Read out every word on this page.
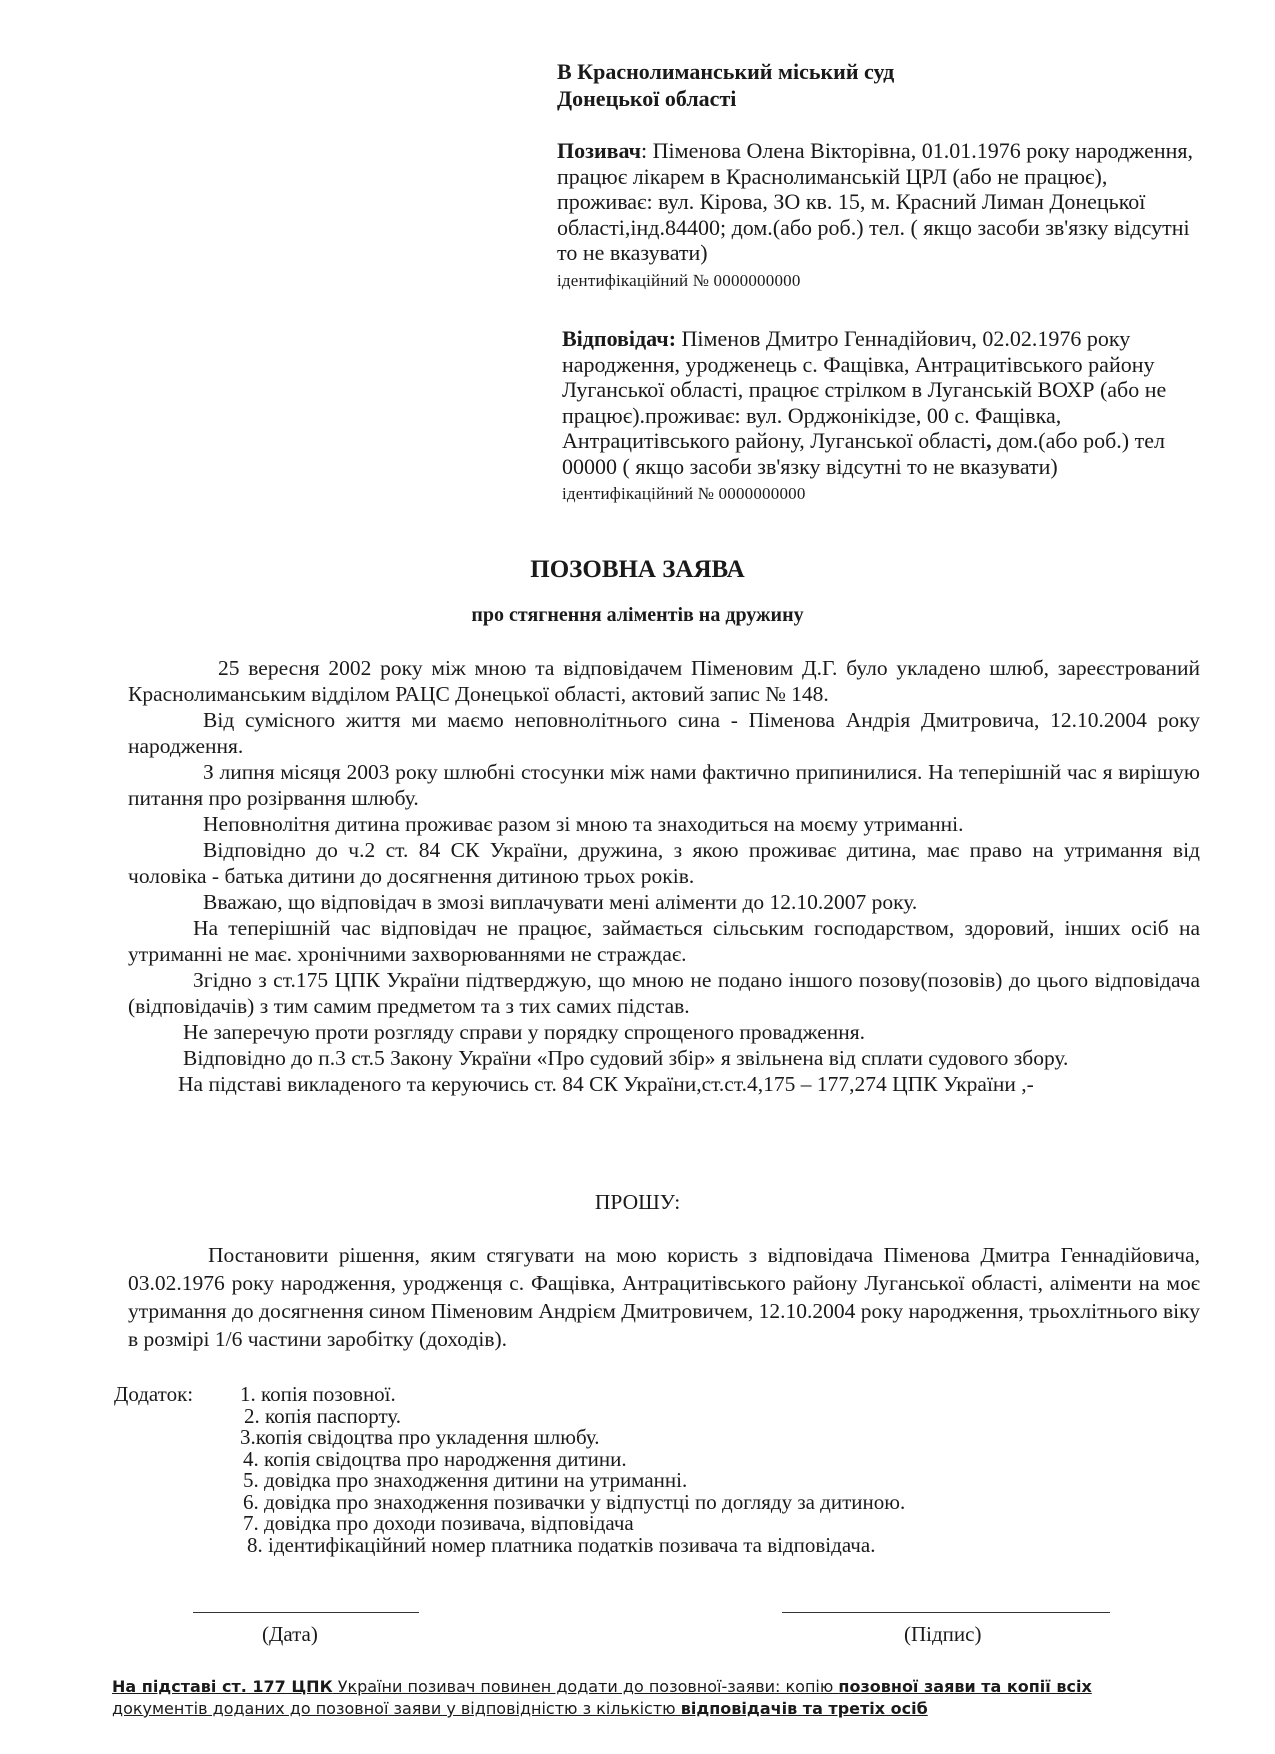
В Краснолиманський міський суд
Донецької області
Позивач: Піменова Олена Вікторівна, 01.01.1976 року народження, працює лікарем в Краснолиманській ЦРЛ (або не працює), проживає: вул. Кірова, ЗО кв. 15, м. Красний Лиман Донецької області,інд.84400; дом.(або роб.) тел. ( якщо засоби зв'язку відсутні то не вказувати)
ідентифікаційний № 0000000000
Відповідач: Піменов Дмитро Геннадійович, 02.02.1976 року народження, уродженець с. Фащівка, Антрацитівського району Луганської області, працює стрілком в Луганській ВОХР (або не працює).проживає: вул. Орджонікідзе, 00 с. Фащівка, Антрацитівського району, Луганської області, дом.(або роб.) тел 00000 ( якщо засоби зв'язку відсутні то не вказувати) ідентифікаційний № 0000000000
ПОЗОВНА ЗАЯВА
про стягнення аліментів на дружину

25 вересня 2002 року між мною та відповідачем Піменовим Д.Г. було укладено шлюб, зареєстрований Краснолиманським відділом РАЦС Донецької області, актовий запис № 148.

Від сумісного життя ми маємо неповнолітнього сина - Піменова Андрія Дмитровича, 12.10.2004 року народження.

З липня місяця 2003 року шлюбні стосунки між нами фактично припинилися. На теперішній час я вирішую питання про розірвання шлюбу.

Неповнолітня дитина проживає разом зі мною та знаходиться на моєму утриманні.

Відповідно до ч.2 ст. 84 СК України, дружина, з якою проживає дитина, має право на утримання від чоловіка - батька дитини до досягнення дитиною трьох років.

Вважаю, що відповідач в змозі виплачувати мені аліменти до 12.10.2007 року.

На теперішній час відповідач не працює, займається сільським господарством, здоровий, інших осіб на утриманні не має. хронічними захворюваннями не страждає.

Згідно з ст.175 ЦПК України підтверджую, що мною не подано іншого позову(позовів) до цього відповідача (відповідачів) з тим самим предметом та з тих самих підстав.

Не заперечую проти розгляду справи у порядку спрощеного провадження.

Відповідно до п.3 ст.5 Закону України «Про судовий збір» я звільнена від сплати судового збору.

На підставі викладеного та керуючись ст. 84 СК України,ст.ст.4,175 – 177,274 ЦПК України ,-

ПРОШУ:

Постановити рішення, яким стягувати на мою користь з відповідача Піменова Дмитра Геннадійовича, 03.02.1976 року народження, уродженця с. Фащівка, Антрацитівського району Луганської області, аліменти на моє утримання до досягнення сином Піменовим Андрієм Дмитровичем, 12.10.2004 року народження, трьохлітнього віку в розмірі 1/6 частини заробітку (доходів).

Додаток: 1. копія позовної.
2. копія паспорту.
3.копія свідоцтва про укладення шлюбу.
4. копія свідоцтва про народження дитини.
5. довідка про знаходження дитини на утриманні.
6. довідка про знаходження позивачки у відпустці по догляду за дитиною.
7. довідка про доходи позивача, відповідача
8. ідентифікаційний номер платника податків позивача та відповідача.
(Дата)	(Підпис)
На підставі ст. 177 ЦПК України позивач повинен додати до позовної-заяви: копію позовної заяви та копії всіх документів доданих до позовної заяви у відповідністю з кількістю відповідачів та третіх осіб
